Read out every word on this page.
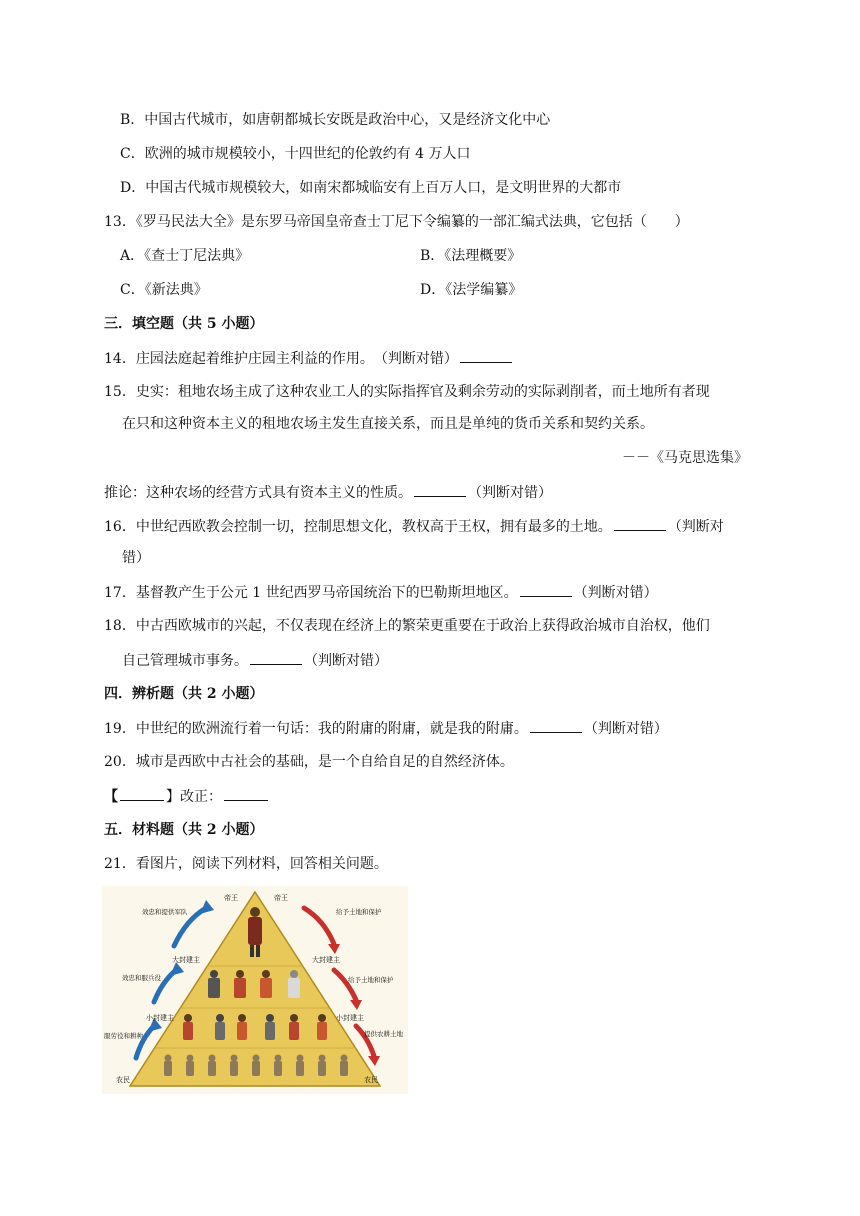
B．中国古代城市，如唐朝都城长安既是政治中心，又是经济文化中心
C．欧洲的城市规模较小，十四世纪的伦敦约有 4 万人口
D．中国古代城市规模较大，如南宋都城临安有上百万人口，是文明世界的大都市
13．《罗马民法大全》是东罗马帝国皇帝查士丁尼下令编纂的一部汇编式法典，它包括（　　）
A．《查士丁尼法典》	B．《法理概要》
C．《新法典》	D．《法学编纂》
三．填空题（共 5 小题）
14．庄园法庭起着维护庄园主利益的作用。　（判断对错）
15．史实：租地农场主成了这种农业工人的实际指挥官及剩余劳动的实际剥削者，而土地所有者现
在只和这种资本主义的租地农场主发生直接关系，而且是单纯的货币关系和契约关系。
－－《马克思选集》
推论：这种农场的经营方式具有资本主义的性质。	（判断对错）
16．中世纪西欧教会控制一切，控制思想文化，教权高于王权，拥有最多的土地。	（判断对
错）
17．基督教产生于公元 1 世纪西罗马帝国统治下的巴勒斯坦地区。	（判断对错）
18．中古西欧城市的兴起，不仅表现在经济上的繁荣更重要在于政治上获得政治城市自治权，他们
自己管理城市事务。	（判断对错）
四．辨析题（共 2 小题）
19．中世纪的欧洲流行着一句话：我的附庸的附庸，就是我的附庸。	（判断对错）
20．城市是西欧中古社会的基础，是一个自给自足的自然经济体。
【	】改正：
五．材料题（共 2 小题）
21．看图片，阅读下列材料，回答相关问题。
帝王	帝王
大封建主	大封建主
小封建主	小封建主
农民	农民
效忠和提供军队
效忠和服兵役
服劳役和耕种
给予土地和保护
给予土地和保护
提供农耕土地
